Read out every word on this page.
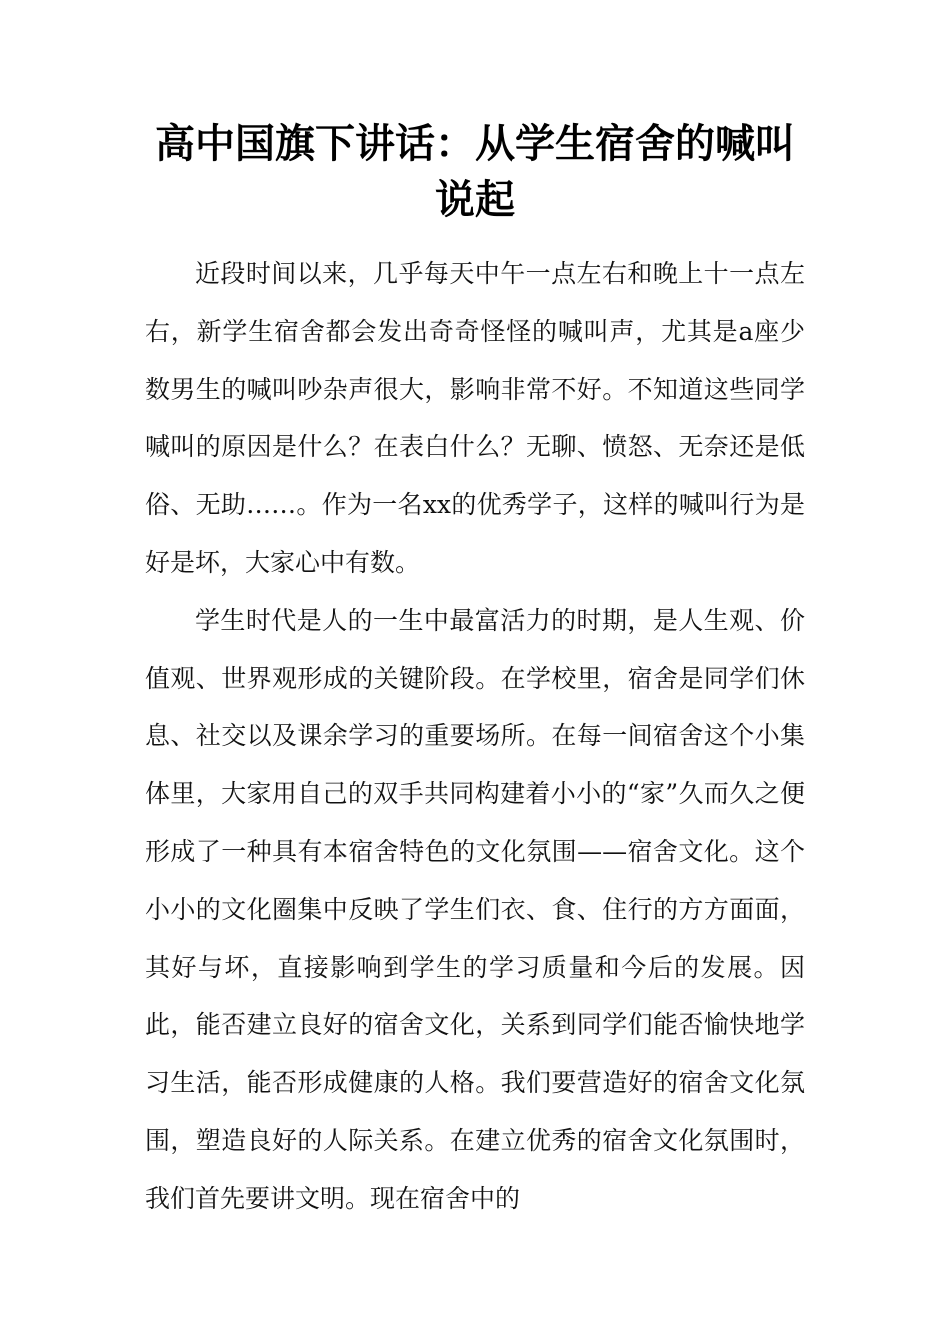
高中国旗下讲话：从学生宿舍的喊叫说起

近段时间以来，几乎每天中午一点左右和晚上十一点左右，新学生宿舍都会发出奇奇怪怪的喊叫声，尤其是a座少数男生的喊叫吵杂声很大，影响非常不好。不知道这些同学喊叫的原因是什么？在表白什么？无聊、愤怒、无奈还是低俗、无助……。作为一名xx的优秀学子，这样的喊叫行为是好是坏，大家心中有数。

学生时代是人的一生中最富活力的时期，是人生观、价值观、世界观形成的关键阶段。在学校里，宿舍是同学们休息、社交以及课余学习的重要场所。在每一间宿舍这个小集体里，大家用自己的双手共同构建着小小的“家”久而久之便形成了一种具有本宿舍特色的文化氛围——宿舍文化。这个小小的文化圈集中反映了学生们衣、食、住行的方方面面，其好与坏，直接影响到学生的学习质量和今后的发展。因此，能否建立良好的宿舍文化，关系到同学们能否愉快地学习生活，能否形成健康的人格。我们要营造好的宿舍文化氛围，塑造良好的人际关系。在建立优秀的宿舍文化氛围时，我们首先要讲文明。现在宿舍中的
